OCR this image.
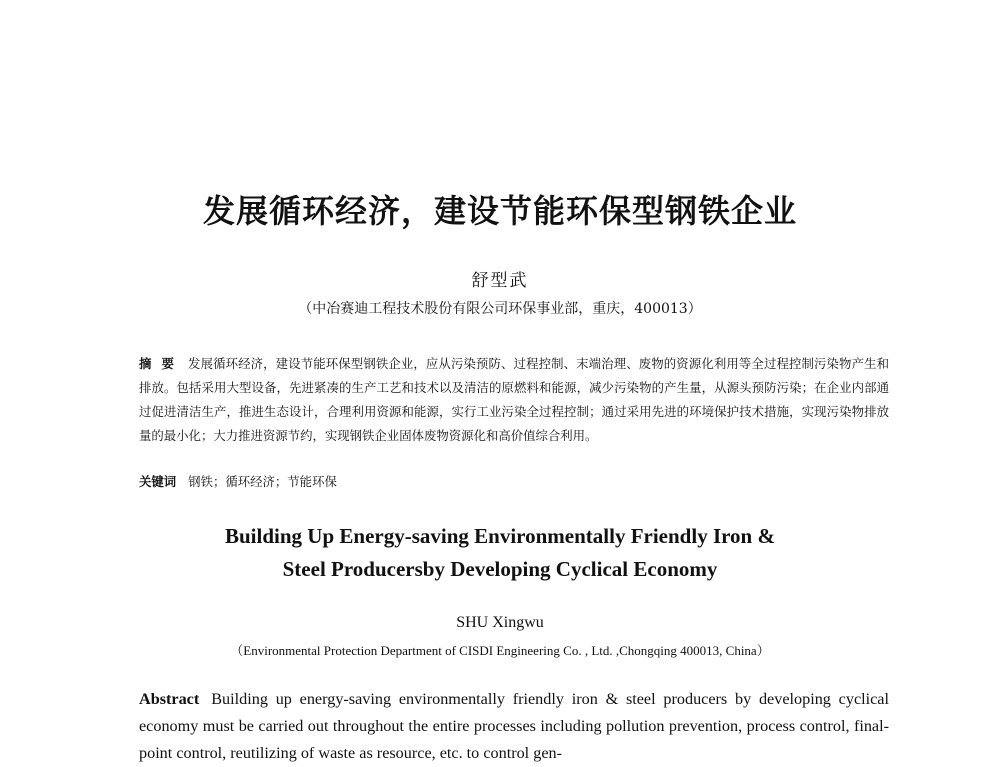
发展循环经济，建设节能环保型钢铁企业
舒型武
（中冶赛迪工程技术股份有限公司环保事业部，重庆，400013）
摘要 发展循环经济，建设节能环保型钢铁企业，应从污染预防、过程控制、末端治理、废物的资源化利用等全过程控制污染物产生和排放。包括采用大型设备，先进紧凑的生产工艺和技术以及清洁的原燃料和能源，减少污染物的产生量，从源头预防污染；在企业内部通过促进清洁生产，推进生态设计，合理利用资源和能源，实行工业污染全过程控制；通过采用先进的环境保护技术措施，实现污染物排放量的最小化；大力推进资源节约，实现钢铁企业固体废物资源化和高价值综合利用。
关键词 钢铁；循环经济；节能环保
Building Up Energy-saving Environmentally Friendly Iron &
Steel Producersby Developing Cyclical Economy
SHU Xingwu
（Environmental Protection Department of CISDI Engineering Co. , Ltd. ,Chongqing 400013, China）
Abstract Building up energy-saving environmentally friendly iron & steel producers by developing cyclical economy must be carried out throughout the entire processes including pollution prevention, process control, final-point control, reutilizing of waste as resource, etc. to control gen-
